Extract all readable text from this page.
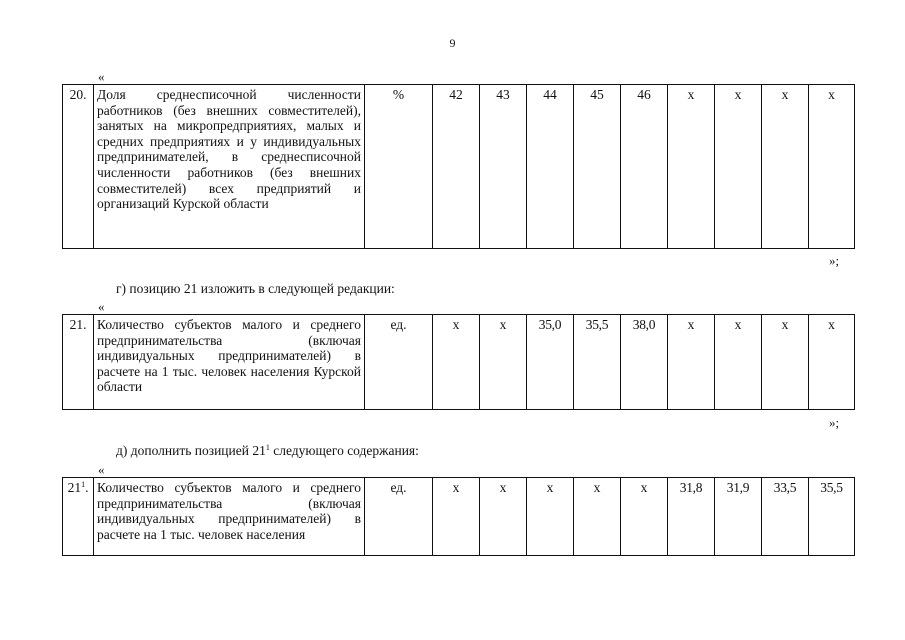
9
«
20.	Доля среднесписочной численности работников (без внешних совместителей), занятых на микропредприятиях, малых и средних предприятиях и у индивидуальных предпринимателей, в среднесписочной численности работников (без внешних совместителей) всех предприятий и организаций Курской области	%	42	43	44	45	46	х	х	х	х
»;
г) позицию 21 изложить в следующей редакции:
«
21.	Количество субъектов малого и среднего предпринимательства (включая индивидуальных предпринимателей) в расчете на 1 тыс. человек населения Курской области	ед.	х	х	35,0	35,5	38,0	х	х	х	х
»;
д) дополнить позицией $21^1$ следующего содержания:
«
$21^1$.	Количество субъектов малого и среднего предпринимательства (включая индивидуальных предпринимателей) в расчете на 1 тыс. человек населения	ед.	х	х	х	х	х	31,8	31,9	33,5	35,5
